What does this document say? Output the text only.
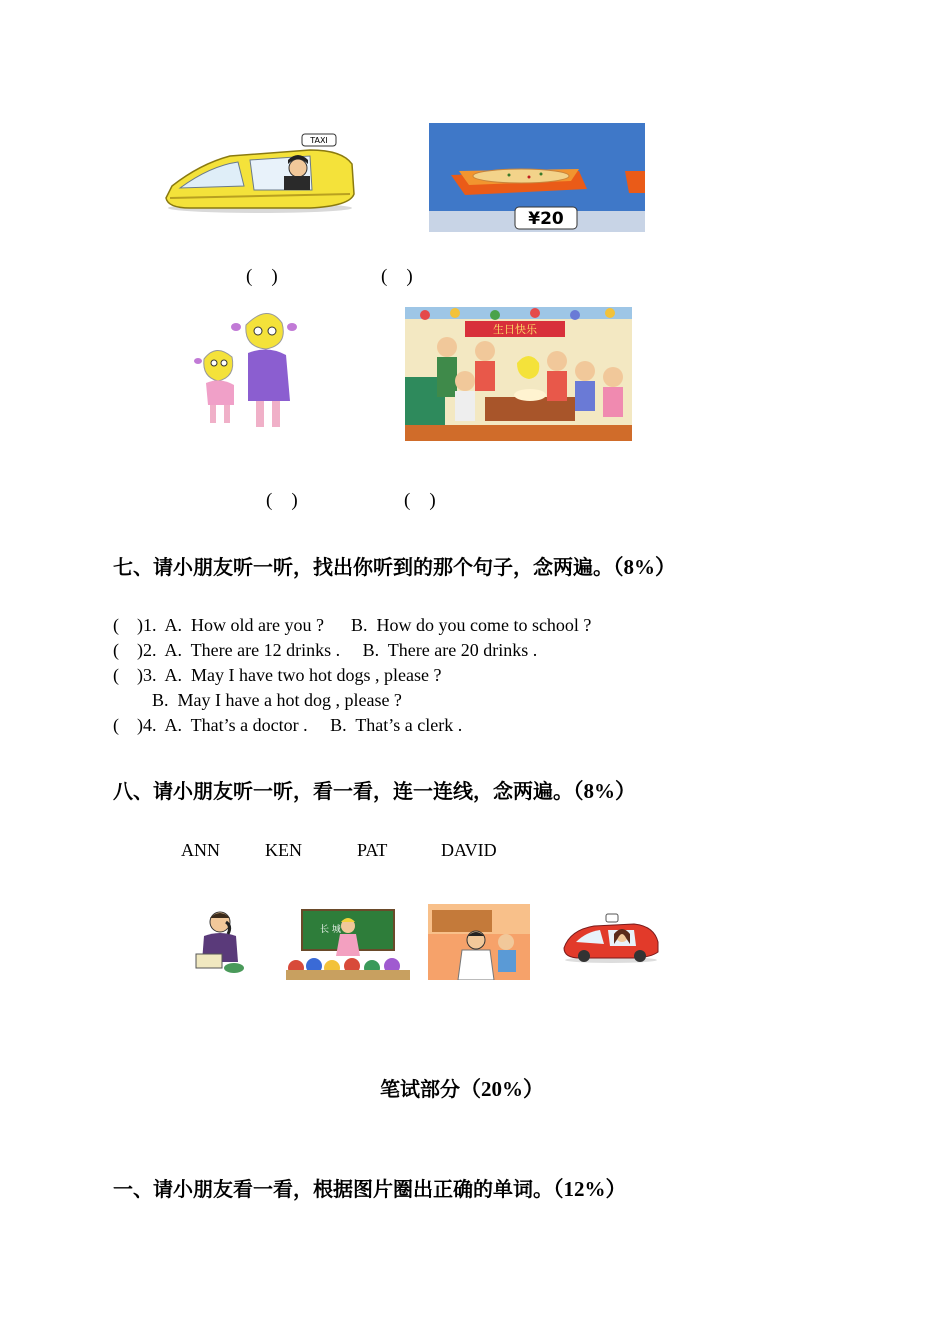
TAXI
¥20
(    )	(    )
生日快乐
(    )	(    )
七、请小朋友听一听，找出你听到的那个句子，念两遍。（8%）
(    )1.  A.  How old are you ?      B.  How do you come to school ?
(    )2.  A.  There are 12 drinks .     B.  There are 20 drinks .
(    )3.  A.  May I have two hot dogs , please ?
B.  May I have a hot dog , please ?
(    )4.  A.  That’s a doctor .     B.  That’s a clerk .
八、请小朋友听一听，看一看，连一连线，念两遍。（8%）
ANN	KEN	PAT	DAVID
长 城
笔试部分（20%）
一、请小朋友看一看，根据图片圈出正确的单词。（12%）
